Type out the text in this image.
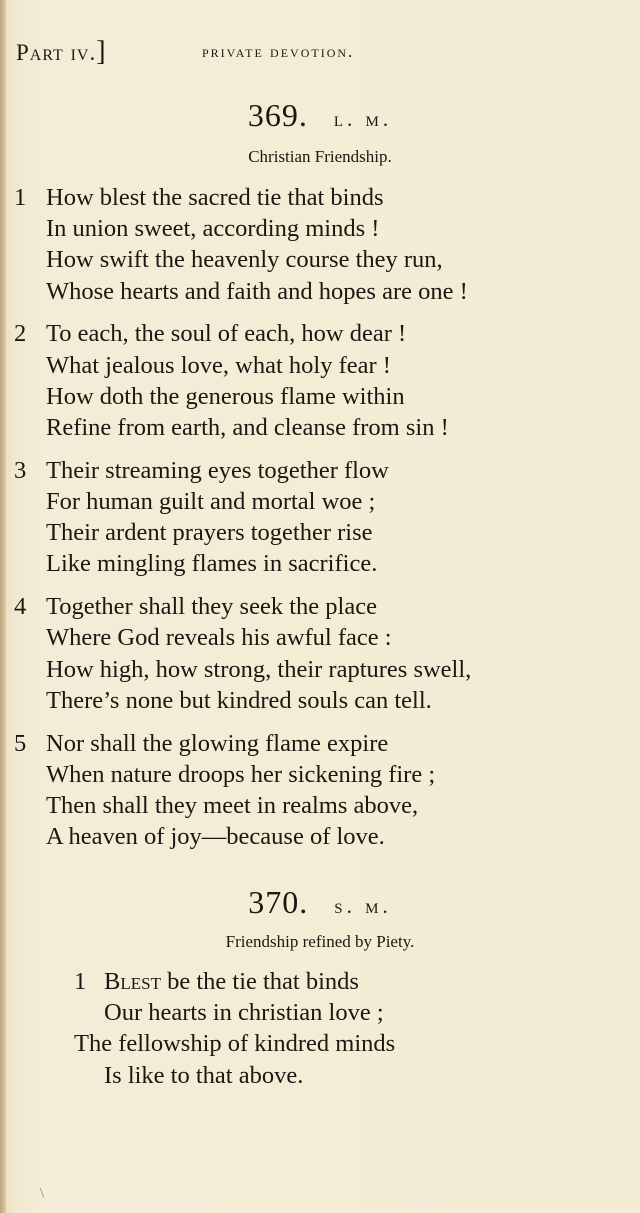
Part iv.]	private devotion.
369. l. m.
Christian Friendship.
1 How blest the sacred tie that binds
In union sweet, according minds !
How swift the heavenly course they run,
Whose hearts and faith and hopes are one !
2 To each, the soul of each, how dear !
What jealous love, what holy fear !
How doth the generous flame within
Refine from earth, and cleanse from sin !
3 Their streaming eyes together flow
For human guilt and mortal woe ;
Their ardent prayers together rise
Like mingling flames in sacrifice.
4 Together shall they seek the place
Where God reveals his awful face :
How high, how strong, their raptures swell,
There’s none but kindred souls can tell.
5 Nor shall the glowing flame expire
When nature droops her sickening fire ;
Then shall they meet in realms above,
A heaven of joy—because of love.
370. s. m.
Friendship refined by Piety.
1 Blest be the tie that binds
Our hearts in christian love ;
The fellowship of kindred minds
Is like to that above.
\
